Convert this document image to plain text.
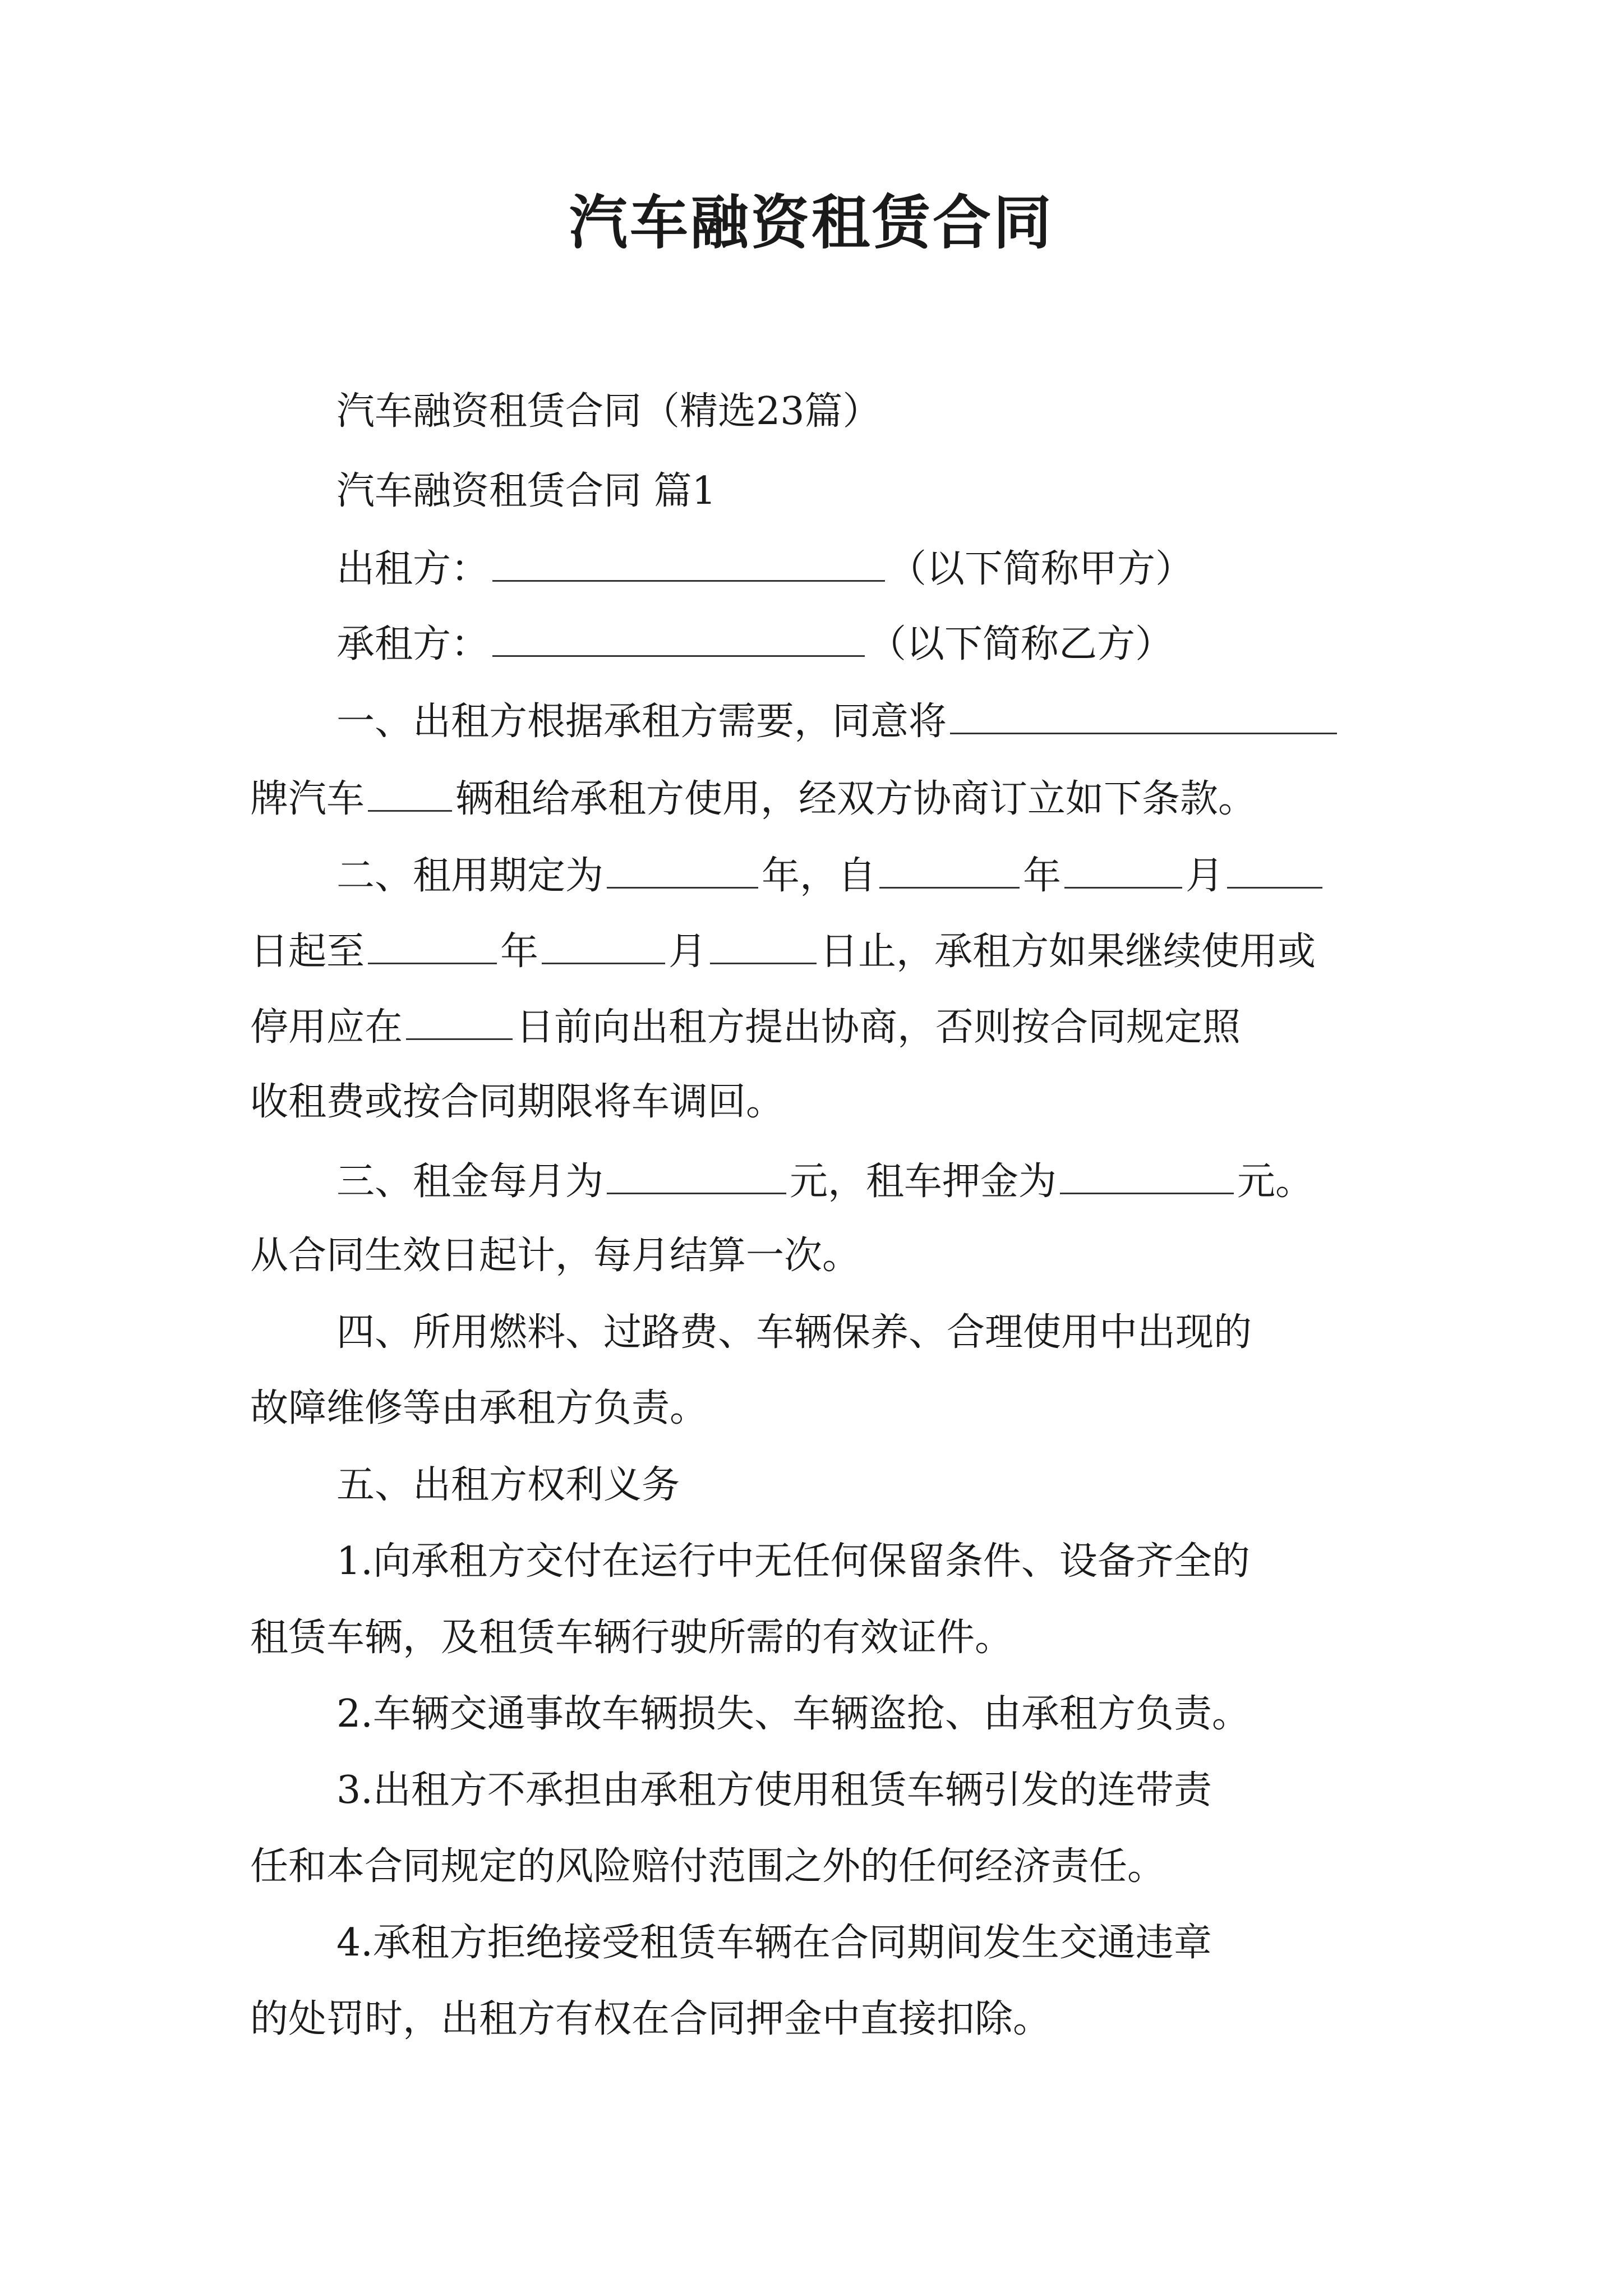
汽车融资租赁合同
汽车融资租赁合同（精选23篇）
汽车融资租赁合同 篇1
出租方：	（以下简称甲方）
承租方：	（以下简称乙方）
一、出租方根据承租方需要，同意将
牌汽车 辆租给承租方使用，经双方协商订立如下条款。
二、租用期定为	年，自	年	月
日起至	年	月	日止，承租方如果继续使用或
停用应在	日前向出租方提出协商，否则按合同规定照
收租费或按合同期限将车调回。
三、租金每月为	元，租车押金为	元。
从合同生效日起计，每月结算一次。
四、所用燃料、过路费、车辆保养、合理使用中出现的
故障维修等由承租方负责。
五、出租方权利义务
1.向承租方交付在运行中无任何保留条件、设备齐全的
租赁车辆，及租赁车辆行驶所需的有效证件。
2.车辆交通事故车辆损失、车辆盗抢、由承租方负责。
3.出租方不承担由承租方使用租赁车辆引发的连带责
任和本合同规定的风险赔付范围之外的任何经济责任。
4.承租方拒绝接受租赁车辆在合同期间发生交通违章
的处罚时，出租方有权在合同押金中直接扣除。
